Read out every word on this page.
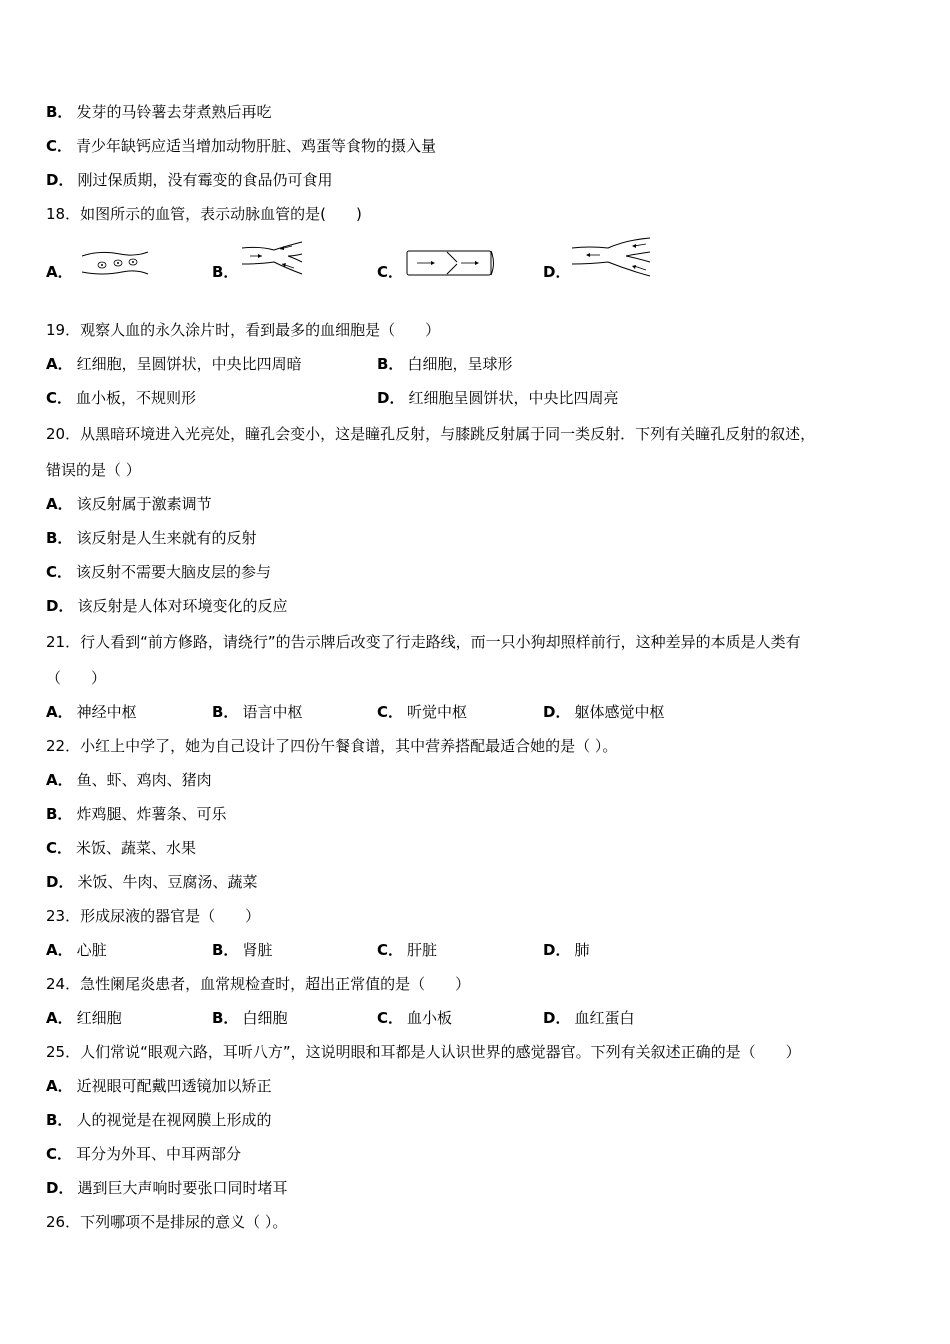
B． 发芽的马铃薯去芽煮熟后再吃
C． 青少年缺钙应适当增加动物肝脏、鸡蛋等食物的摄入量
D． 刚过保质期，没有霉变的食品仍可食用
18．如图所示的血管，表示动脉血管的是(　　)
A．	B．	C．	D．
19．观察人血的永久涂片时，看到最多的血细胞是（　　）
A． 红细胞，呈圆饼状，中央比四周暗	B． 白细胞，呈球形
C． 血小板，不规则形	D． 红细胞呈圆饼状，中央比四周亮
20．从黑暗环境进入光亮处，瞳孔会变小，这是瞳孔反射，与膝跳反射属于同一类反射．下列有关瞳孔反射的叙述，
错误的是（ ）
A． 该反射属于激素调节
B． 该反射是人生来就有的反射
C． 该反射不需要大脑皮层的参与
D． 该反射是人体对环境变化的反应
21．行人看到“前方修路，请绕行”的告示牌后改变了行走路线，而一只小狗却照样前行，这种差异的本质是人类有
（　　）
A． 神经中枢	B． 语言中枢	C． 听觉中枢	D． 躯体感觉中枢
22．小红上中学了，她为自己设计了四份午餐食谱，其中营养搭配最适合她的是（ ）。
A． 鱼、虾、鸡肉、猪肉
B． 炸鸡腿、炸薯条、可乐
C． 米饭、蔬菜、水果
D． 米饭、牛肉、豆腐汤、蔬菜
23．形成尿液的器官是（　　）
A． 心脏	B． 肾脏	C． 肝脏	D． 肺
24．急性阑尾炎患者，血常规检查时，超出正常值的是（　　）
A． 红细胞	B． 白细胞	C． 血小板	D． 血红蛋白
25．人们常说“眼观六路，耳听八方”，这说明眼和耳都是人认识世界的感觉器官。下列有关叙述正确的是（　　）
A． 近视眼可配戴凹透镜加以矫正
B． 人的视觉是在视网膜上形成的
C． 耳分为外耳、中耳两部分
D． 遇到巨大声响时要张口同时堵耳
26．下列哪项不是排尿的意义（ ）。
